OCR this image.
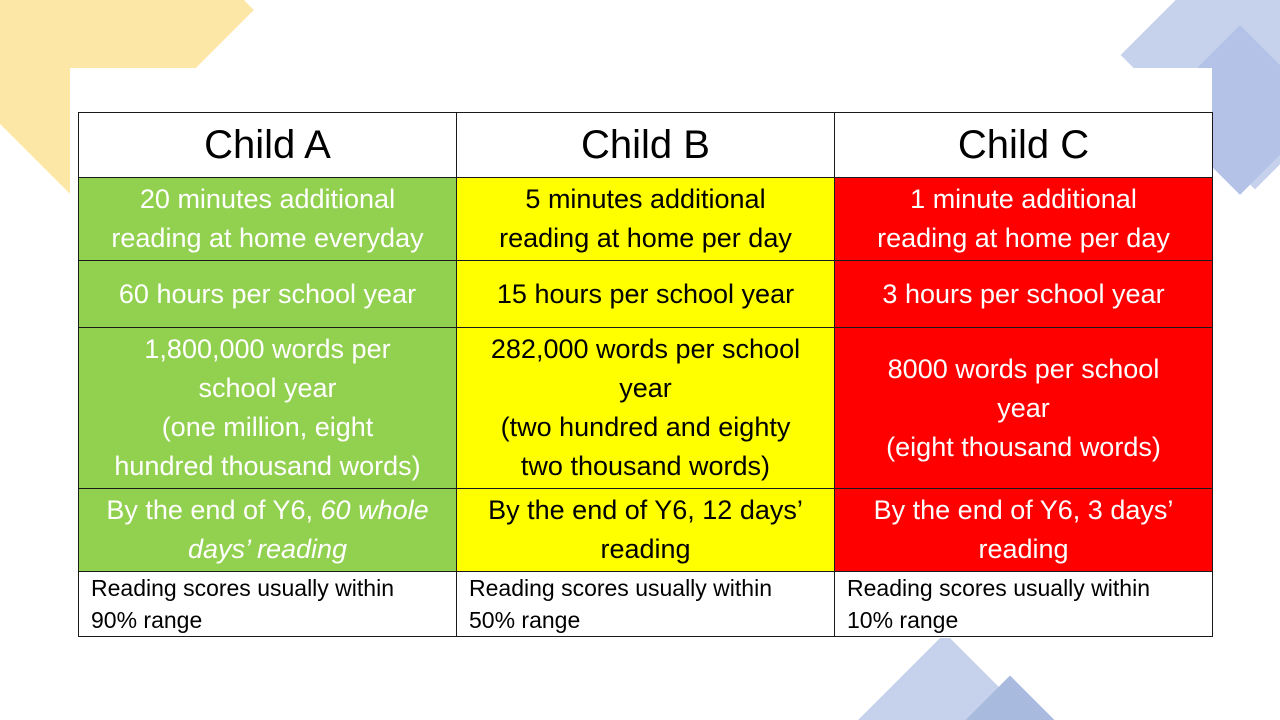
Child A	Child B	Child C

20 minutes additional
reading at home everyday	5 minutes additional
reading at home per day	1 minute additional
reading at home per day

60 hours per school year	15 hours per school year	3 hours per school year

1,800,000 words per
school year
(one million, eight
hundred thousand words)	282,000 words per school
year
(two hundred and eighty
two thousand words)	8000 words per school
year
(eight thousand words)

By the end of Y6, 60 whole
days’ reading	By the end of Y6, 12 days’
reading	By the end of Y6, 3 days’
reading

Reading scores usually within
90% range	Reading scores usually within
50% range	Reading scores usually within
10% range
